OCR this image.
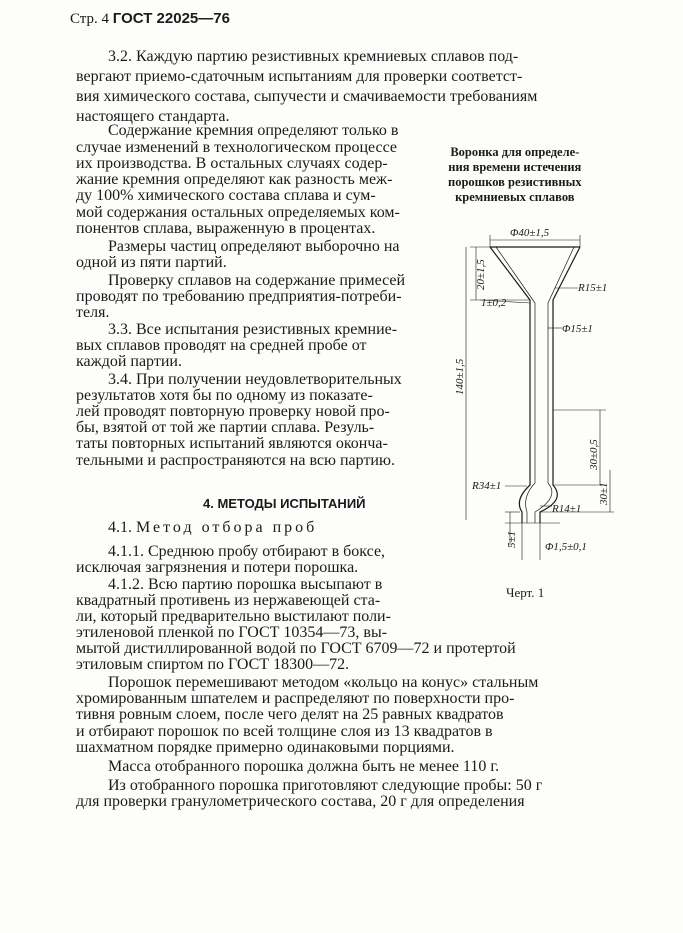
Стр. 4 ГОСТ 22025—76
3.2. Каждую партию резистивных кремниевых сплавов под-
вергают приемо-сдаточным испытаниям для проверки соответст-
вия химического состава, сыпучести и смачиваемости требованиям
настоящего стандарта.
Содержание кремния определяют только в
случае изменений в технологическом процессе
их производства. В остальных случаях содер-
жание кремния определяют как разность меж-
ду 100% химического состава сплава и сум-
мой содержания остальных определяемых ком-
понентов сплава, выраженную в процентах.
Размеры частиц определяют выборочно на
одной из пяти партий.
Проверку сплавов на содержание примесей
проводят по требованию предприятия-потреби-
теля.
3.3. Все испытания резистивных кремние-
вых сплавов проводят на средней пробе от
каждой партии.
3.4. При получении неудовлетворительных
результатов хотя бы по одному из показате-
лей проводят повторную проверку новой про-
бы, взятой от той же партии сплава. Резуль-
таты повторных испытаний являются оконча-
тельными и распространяются на всю партию.
4.1.1. Среднюю пробу отбирают в боксе,
исключая загрязнения и потери порошка.
4.1.2. Всю партию порошка высыпают в
квадратный противень из нержавеющей ста-
ли, который предварительно выстилают поли-
этиленовой пленкой по ГОСТ 10354—73, вы-
мытой дистиллированной водой по ГОСТ 6709—72 и протертой
этиловым спиртом по ГОСТ 18300—72.
Порошок перемешивают методом «кольцо на конус» стальным
хромированным шпателем и распределяют по поверхности про-
тивня ровным слоем, после чего делят на 25 равных квадратов
и отбирают порошок по всей толщине слоя из 13 квадратов в
шахматном порядке примерно одинаковыми порциями.
Масса отобранного порошка должна быть не менее 110 г.
Из отобранного порошка приготовляют следующие пробы: 50 г
для проверки гранулометрического состава, 20 г для определения
4. МЕТОДЫ ИСПЫТАНИЙ
4.1. Метод отбора проб
Воронка для определе-
ния времени истечения
порошков резистивных
кремниевых сплавов
Φ40±1,5
20±1,5	R15±1
1±0,2
Φ15±1
140±1,5
30±0,5
R34±1	30±1
R14±1
5±1 Φ1,5±0,1
Черт. 1
